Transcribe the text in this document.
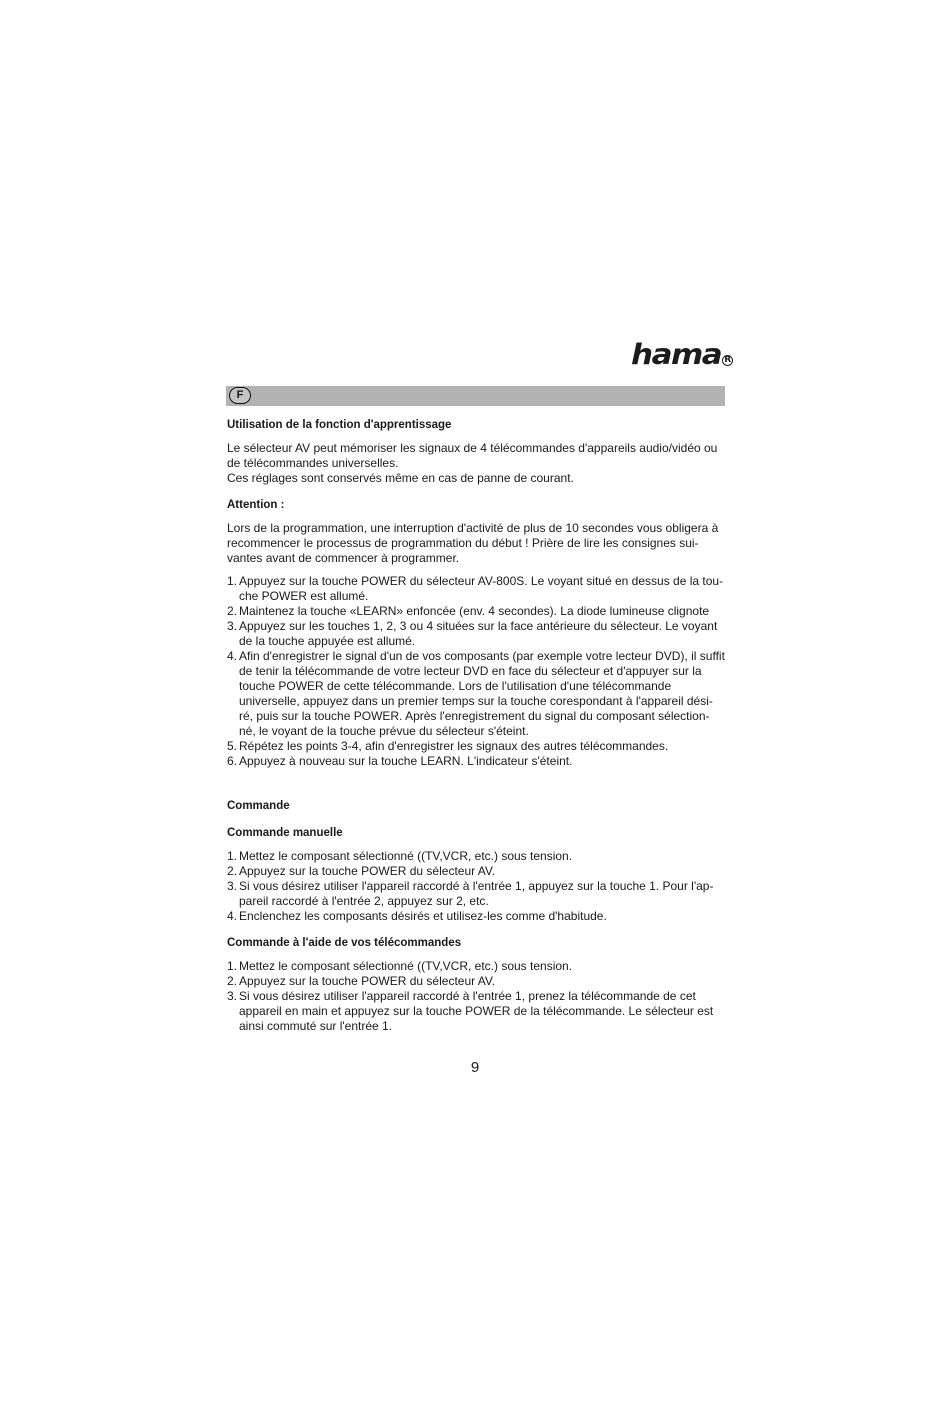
hama R
F
Utilisation de la fonction d'apprentissage

Le sélecteur AV peut mémoriser les signaux de 4 télécommandes d'appareils audio/vidéo ou de télécommandes universelles.

Ces réglages sont conservés même en cas de panne de courant.

Attention :

Lors de la programmation, une interruption d'activité de plus de 10 secondes vous obligera à recommencer le processus de programmation du début ! Prière de lire les consignes sui-vantes avant de commencer à programmer.

1. Appuyez sur la touche POWER du sélecteur AV-800S. Le voyant situé en dessus de la tou-che POWER est allumé.
2. Maintenez la touche «LEARN» enfoncée (env. 4 secondes). La diode lumineuse clignote
3. Appuyez sur les touches 1, 2, 3 ou 4 situées sur la face antérieure du sélecteur. Le voyant de la touche appuyée est allumé.
4. Afin d'enregistrer le signal d'un de vos composants (par exemple votre lecteur DVD), il suffit de tenir la télécommande de votre lecteur DVD en face du sélecteur et d'appuyer sur la touche POWER de cette télécommande. Lors de l'utilisation d'une télécommande universelle, appuyez dans un premier temps sur la touche corespondant à l'appareil dési-ré, puis sur la touche POWER. Après l'enregistrement du signal du composant sélection-né, le voyant de la touche prévue du sélecteur s'éteint.
5. Répétez les points 3-4, afin d'enregistrer les signaux des autres télécommandes.
6. Appuyez à nouveau sur la touche LEARN. L'indicateur s'éteint.
Commande
Commande manuelle
1. Mettez le composant sélectionné ((TV,VCR, etc.) sous tension.
2. Appuyez sur la touche POWER du sélecteur AV.
3. Si vous désirez utiliser l'appareil raccordé à l'entrée 1, appuyez sur la touche 1. Pour l'ap-pareil raccordé à l'entrée 2, appuyez sur 2, etc.
4. Enclenchez les composants désirés et utilisez-les comme d'habitude.
Commande à l'aide de vos télécommandes
1. Mettez le composant sélectionné ((TV,VCR, etc.) sous tension.
2. Appuyez sur la touche POWER du sélecteur AV.
3. Si vous désirez utiliser l'appareil raccordé à l'entrée 1, prenez la télécommande de cet appareil en main et appuyez sur la touche POWER de la télécommande. Le sélecteur est ainsi commuté sur l'entrée 1.
9
